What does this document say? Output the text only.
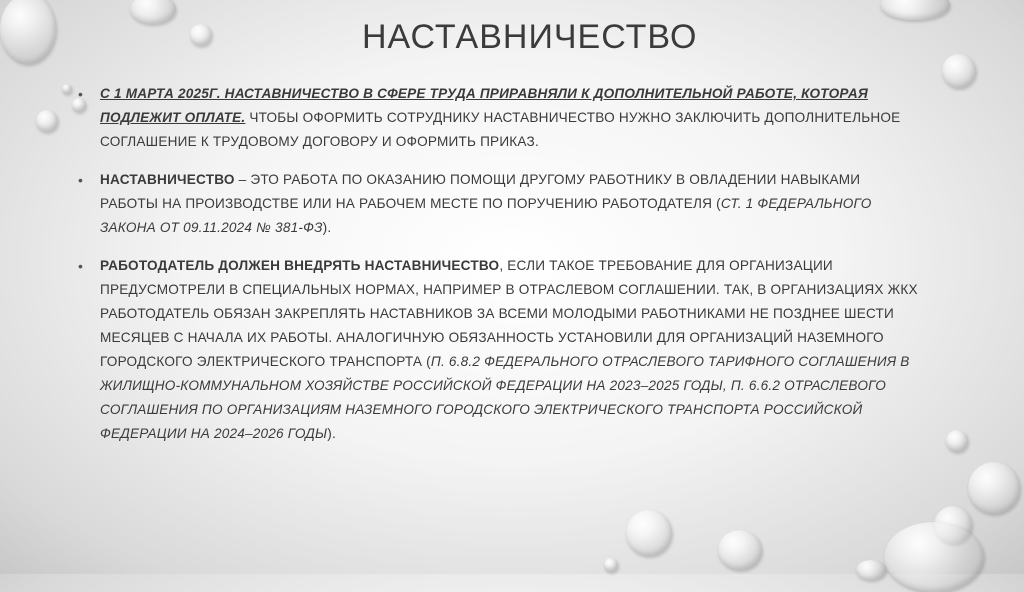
НАСТАВНИЧЕСТВО
• С 1 МАРТА 2025Г. НАСТАВНИЧЕСТВО В СФЕРЕ ТРУДА ПРИРАВНЯЛИ К ДОПОЛНИТЕЛЬНОЙ РАБОТЕ, КОТОРАЯ ПОДЛЕЖИТ ОПЛАТЕ. ЧТОБЫ ОФОРМИТЬ СОТРУДНИКУ НАСТАВНИЧЕСТВО НУЖНО ЗАКЛЮЧИТЬ ДОПОЛНИТЕЛЬНОЕ СОГЛАШЕНИЕ К ТРУДОВОМУ ДОГОВОРУ И ОФОРМИТЬ ПРИКАЗ.
• НАСТАВНИЧЕСТВО – ЭТО РАБОТА ПО ОКАЗАНИЮ ПОМОЩИ ДРУГОМУ РАБОТНИКУ В ОВЛАДЕНИИ НАВЫКАМИ РАБОТЫ НА ПРОИЗВОДСТВЕ ИЛИ НА РАБОЧЕМ МЕСТЕ ПО ПОРУЧЕНИЮ РАБОТОДАТЕЛЯ (СТ. 1 ФЕДЕРАЛЬНОГО ЗАКОНА ОТ 09.11.2024 № 381-ФЗ).
• РАБОТОДАТЕЛЬ ДОЛЖЕН ВНЕДРЯТЬ НАСТАВНИЧЕСТВО, ЕСЛИ ТАКОЕ ТРЕБОВАНИЕ ДЛЯ ОРГАНИЗАЦИИ ПРЕДУСМОТРЕЛИ В СПЕЦИАЛЬНЫХ НОРМАХ, НАПРИМЕР В ОТРАСЛЕВОМ СОГЛАШЕНИИ. ТАК, В ОРГАНИЗАЦИЯХ ЖКХ РАБОТОДАТЕЛЬ ОБЯЗАН ЗАКРЕПЛЯТЬ НАСТАВНИКОВ ЗА ВСЕМИ МОЛОДЫМИ РАБОТНИКАМИ НЕ ПОЗДНЕЕ ШЕСТИ МЕСЯЦЕВ С НАЧАЛА ИХ РАБОТЫ. АНАЛОГИЧНУЮ ОБЯЗАННОСТЬ УСТАНОВИЛИ ДЛЯ ОРГАНИЗАЦИЙ НАЗЕМНОГО ГОРОДСКОГО ЭЛЕКТРИЧЕСКОГО ТРАНСПОРТА (П. 6.8.2 ФЕДЕРАЛЬНОГО ОТРАСЛЕВОГО ТАРИФНОГО СОГЛАШЕНИЯ В ЖИЛИЩНО-КОММУНАЛЬНОМ ХОЗЯЙСТВЕ РОССИЙСКОЙ ФЕДЕРАЦИИ НА 2023–2025 ГОДЫ, П. 6.6.2 ОТРАСЛЕВОГО СОГЛАШЕНИЯ ПО ОРГАНИЗАЦИЯМ НАЗЕМНОГО ГОРОДСКОГО ЭЛЕКТРИЧЕСКОГО ТРАНСПОРТА РОССИЙСКОЙ ФЕДЕРАЦИИ НА 2024–2026 ГОДЫ).
